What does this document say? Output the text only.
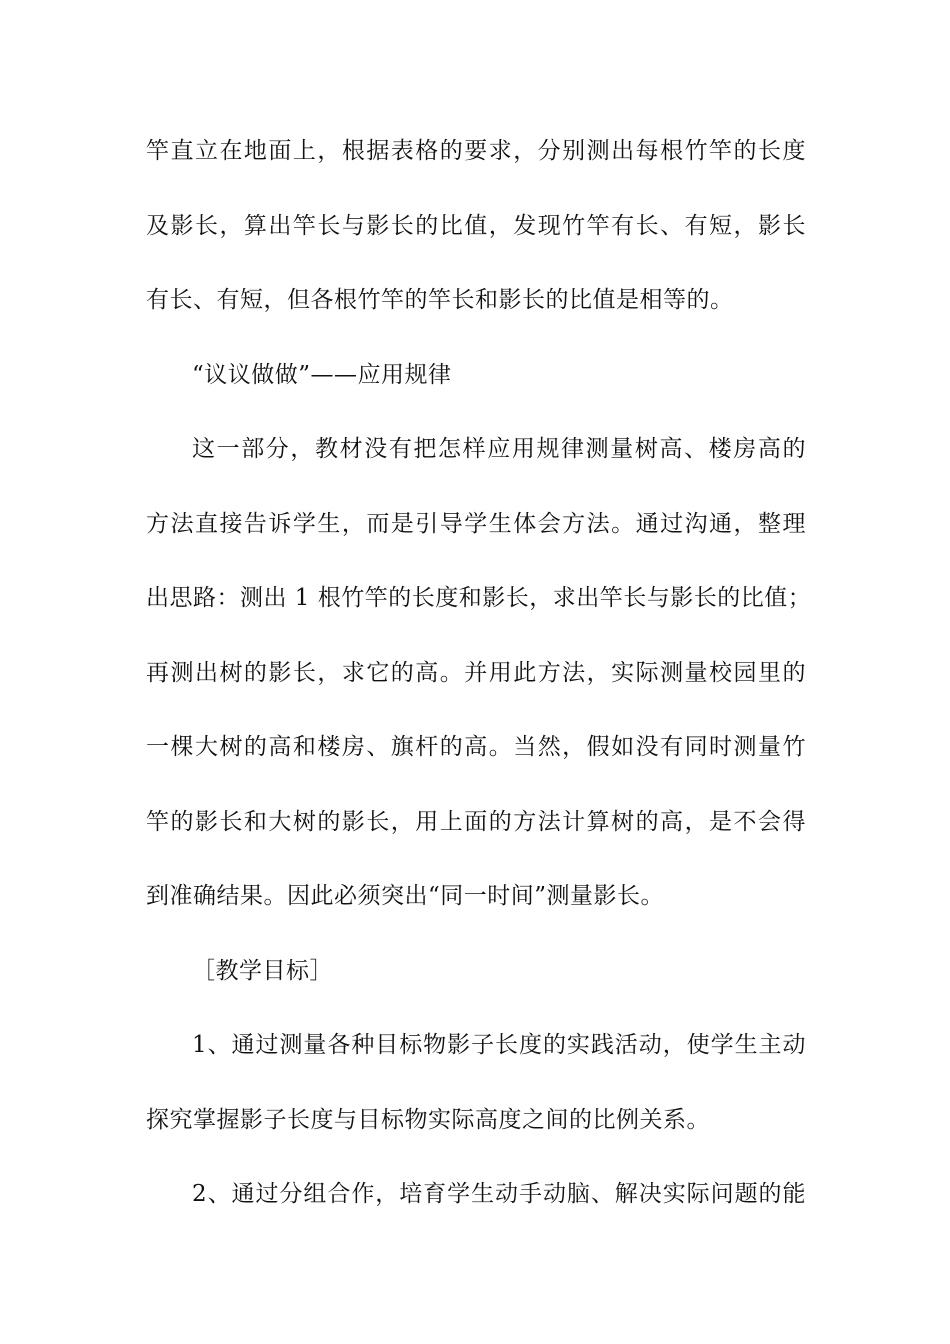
竿直立在地面上，根据表格的要求，分别测出每根竹竿的长度
及影长，算出竿长与影长的比值，发现竹竿有长、有短，影长
有长、有短，但各根竹竿的竿长和影长的比值是相等的。
“议议做做”——应用规律
这一部分，教材没有把怎样应用规律测量树高、楼房高的
方法直接告诉学生，而是引导学生体会方法。通过沟通，整理
出思路：测出 1 根竹竿的长度和影长，求出竿长与影长的比值；
再测出树的影长，求它的高。并用此方法，实际测量校园里的
一棵大树的高和楼房、旗杆的高。当然，假如没有同时测量竹
竿的影长和大树的影长，用上面的方法计算树的高，是不会得
到准确结果。因此必须突出“同一时间”测量影长。
［教学目标］
1、通过测量各种目标物影子长度的实践活动，使学生主动
探究掌握影子长度与目标物实际高度之间的比例关系。
2、通过分组合作，培育学生动手动脑、解决实际问题的能
